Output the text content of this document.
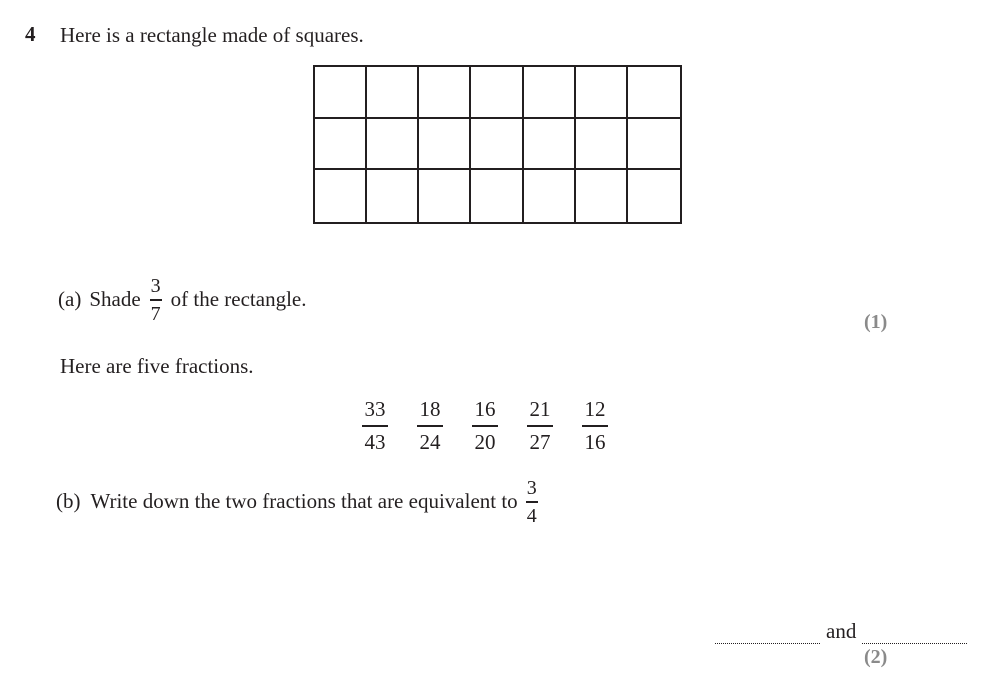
4 Here is a rectangle made of squares.
(a) Shade $\frac{3}{7}$ of the rectangle.
(1)
Here are five fractions.
$\frac{33}{43} \frac{18}{24} \frac{16}{20} \frac{21}{27} \frac{12}{16}$
(b) Write down the two fractions that are equivalent to $\frac{3}{4}$
and
(2)
